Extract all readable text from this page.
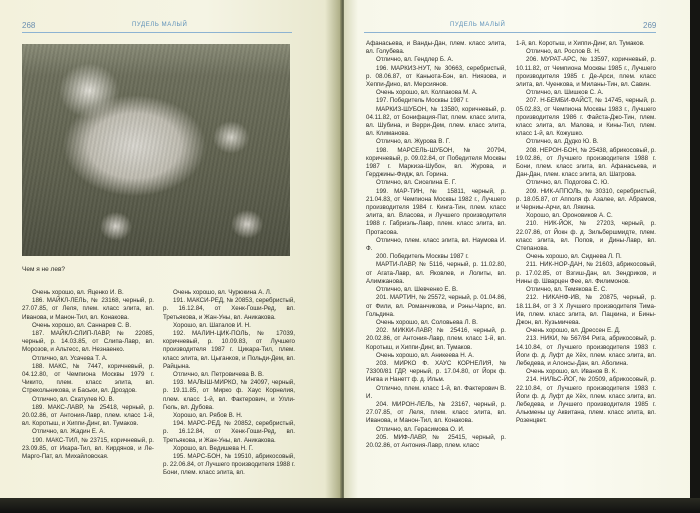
268	ПУДЕЛЬ МАЛЫЙ
Чем я не лев?

Очень хорошо, вл. Яценко И. В.

186. МАЙКЛ-ЛЕЛЬ, № 23168, черный, р. 27.07.85, от Леля, плем. класс элита, вл. Иванова, и Манон-Тил, вл. Конакова.

Очень хорошо, вл. Саннарев С. В.

187. МАЙКЛ-СЛИП-ЛАВР, № 22085, черный, р. 14.03.85, от Слипа-Лавр, вл. Морозов, и Альтесс, вл. Незнаенко.

Отлично, вл. Усачева Т. А.

188. МАКС, № 7447, коричневый, р. 04.12.80, от Чемпиона Москвы 1979 г. Чикито, плем. класс элита, вл. Стрекольникова, и Баськи, вл. Дроздов.

Отлично, вл. Скатулев Ю. В.

189. МАКС-ЛАВР, № 25418, черный, р. 20.02.86, от Антония-Лавр, плем. класс 1-й, вл. Коротыш, и Хиппи-Динг, вл. Тумаков.

Отлично, вл. Жадин Е. А.

190. МАКС-ТИЛ, № 23715, коричневый, р. 23.09.85, от Икара-Тил, вл. Кирдянов, и Ле-Марго-Пат, вл. Михайловская.

Очень хорошо, вл. Чурюкина А. Л.

191. МАКСИ-РЕД, № 20853, серебристый, р. 16.12.84, от Хенк-Гоши-Ред, вл. Третьякова, и Жан-Уны, вл. Аникакова.

Хорошо, вл. Шаталов И. Н.

192. МАЛИН-ЦИК-ПОЛЬ, № 17039, коричневый, р. 10.09.83, от Лучшего производителя 1987 г. Цикара-Тил, плем. класс элита, вл. Цыганков, и Польди-Дем, вл. Райцына.

Отлично, вл. Петровичева В. В.

193. МАЛЫШ-МИРКО, № 24097, черный, р. 19.11.85, от Мирко ф. Хаус Корнелия, плем. класс 1-й, вл. Фактерович, и Улли-Гюль, вл. Дубова.

Хорошо, вл. Рябов В. Н.

194. МАРС-РЕД, № 20852, серебристый, р. 16.12.84, от Хенк-Гоши-Ред, вл. Третьякова, и Жан-Уны, вл. Аникакова.

Хорошо, вл. Ведишева Н. Г.

195. МАРС-БОН, № 19510, абрикосовый, р. 22.06.84, от Лучшего производителя 1988 г. Бони, плем. класс элита, вл.

ПУДЕЛЬ МАЛЫЙ	269

Афанасьева, и Ванды-Дан, плем. класс элита, вл. Голубева.

Отлично, вл. Гендлер Б. А.

196. МАРКИЗ-НУТ, № 30663, серебристый, р. 08.06.87, от Каньюта-Бэн, вл. Ниязова, и Хеппи-Дино, вл. Мерсиянов.

Очень хорошо, вл. Колпакова М. А.

197. Победитель Москвы 1987 г.

МАРКИЗ-ШУБОН, № 13580, коричневый, р. 04.11.82, от Бонифация-Пат, плем. класс элита, вл. Шубина, и Верри-Дем, плем. класс элита, вл. Климанова.

Отлично, вл. Журова В. Г.

198. МАРСЕЛЬ-ШУБОН, № 20794, коричневый, р. 09.02.84, от Победителя Москвы 1987 г. Маркиза-Шубон, вл. Журова, и Герджины-Фидж, вл. Горина.

Отлично, вл. Сиселина Е. Г.

199. МАР-ТИН, № 15811, черный, р. 21.04.83, от Чемпиона Москвы 1982 г., Лучшего производителя 1984 г. Кинга-Тин, плем. класс элита, вл. Власова, и Лучшего производителя 1988 г. Габриэль-Лавр, плем. класс элита, вл. Протасова.

Отлично, плем. класс элита, вл. Наумова И. Ф.

200. Победитель Москвы 1987 г.

МАРТИ-ЛАВР, № 5116, черный, р. 11.02.80, от Агата-Лавр, вл. Яковлев, и Лолиты, вл. Алимжанова.

Отлично, вл. Шевченко Е. В.

201. МАРТИН, № 25572, черный, р. 01.04.86, от Фили, вл. Романчикова, и Рэны-Чарлс, вл. Гольдина.

Очень хорошо, вл. Соловьева Л. В.

202. МИККИ-ЛАВР, № 25416, черный, р. 20.02.86, от Антония-Лавр, плем. класс 1-й, вл. Коротыш, и Хиппи-Динг, вл. Тумаков.

Очень хорошо, вл. Аникеева Н. А.

203. МИРКО Ф. ХАУС КОРНЕЛИЯ, № 73300/81 ГДР, черный, р. 17.04.80, от Йорк ф. Ингва и Нанетт ф. д. Ильм.

Отлично, плем. класс 1-й, вл. Фактерович В. И.

204. МИРОН-ЛЕЛЬ, № 23167, черный, р. 27.07.85, от Леля, плем. класс элита, вл. Иванова, и Манон-Тил, вл. Конакова.

Отлично, вл. Герасимова О. И.

205. МИФ-ЛАВР, № 25415, черный, р. 20.02.86, от Антония-Лавр, плем. класс

1-й, вл. Коротыш, и Хиппи-Динг, вл. Тумаков.

Отлично, вл. Рослов В. Н.

206. МУРАТ-АРС, № 13597, коричневый, р. 10.11.82, от Чемпиона Москвы 1985 г., Лучшего производителя 1985 г. Де-Арси, плем. класс элита, вл. Чуенкова, и Миланы-Тин, вл. Савин.

Отлично, вл. Шишков С. А.

207. Н-БЕМБИ-ФАЙСТ, № 14745, черный, р. 05.02.83, от Чемпиона Москвы 1983 г., Лучшего производителя 1986 г. Файста-Джо-Тин, плем. класс элита, вл. Малова, и Кины-Тил, плем. класс 1-й, вл. Кожушко.

Отлично, вл. Дудко Ю. В.

208. НЕРОН-БОН, № 25438, абрикосовый, р. 19.02.86, от Лучшего производителя 1988 г. Бони, плем. класс элита, вл. Афанасьева, и Дан-Дан, плем. класс элита, вл. Шатрова.

Отлично, вл. Подогова С. Ю.

209. НИК-АППОЛЬ, № 30310, серебристый, р. 18.05.87, от Апполя ф. Азалее, вл. Абрамов, и Черниы-Арчи, вл. Лякина.

Хорошо, вл. Ороновиков А. С.

210. НИК-ЙОК, № 27203, черный, р. 22.07.86, от Йокн ф. д. Зильбершмидте, плем. класс элита, вл. Попов, и Дины-Лавр, вл. Степанова.

Очень хорошо, вл. Сиднева Л. П.

211. НИК-НОР-ДАН, № 21603, абрикосовый, р. 17.02.85, от Взгиш-Дан, вл. Зендриков, и Нины ф. Шварцен Фее, вл. Филимонов.

Отлично, вл. Темякова Е. С.

212. НИКАНФ-ИВ, № 20875, черный, р. 18.11.84, от 3 Х Лучшего производителя Тима-Ив, плем. класс элита, вл. Пацкина, и Бины-Джон, вл. Кузьмичева.

Очень хорошо, вл. Дрессен Е. Д.

213. НИКИ, № 567/84 Рига, абрикосовый, р. 14.10.84, от Лучшего производителя 1983 г. Йоги ф. д. Луфт де Хёх, плем. класс элита, вл. Лебедева, и Алонсы-Дан, вл. Аболина.

Очень хорошо, вл. Иванов В. К.

214. НИЛЬС-ЙОГ, № 20509, абрикосовый, р. 22.10.84, от Лучшего производителя 1983 г. Йоги ф. д. Луфт де Хёх, плем. класс элита, вл. Лебедева, и Лучшего производителя 1985 г. Алькмены цу Аквитана, плем. класс элита, вл. Розенцвет.
